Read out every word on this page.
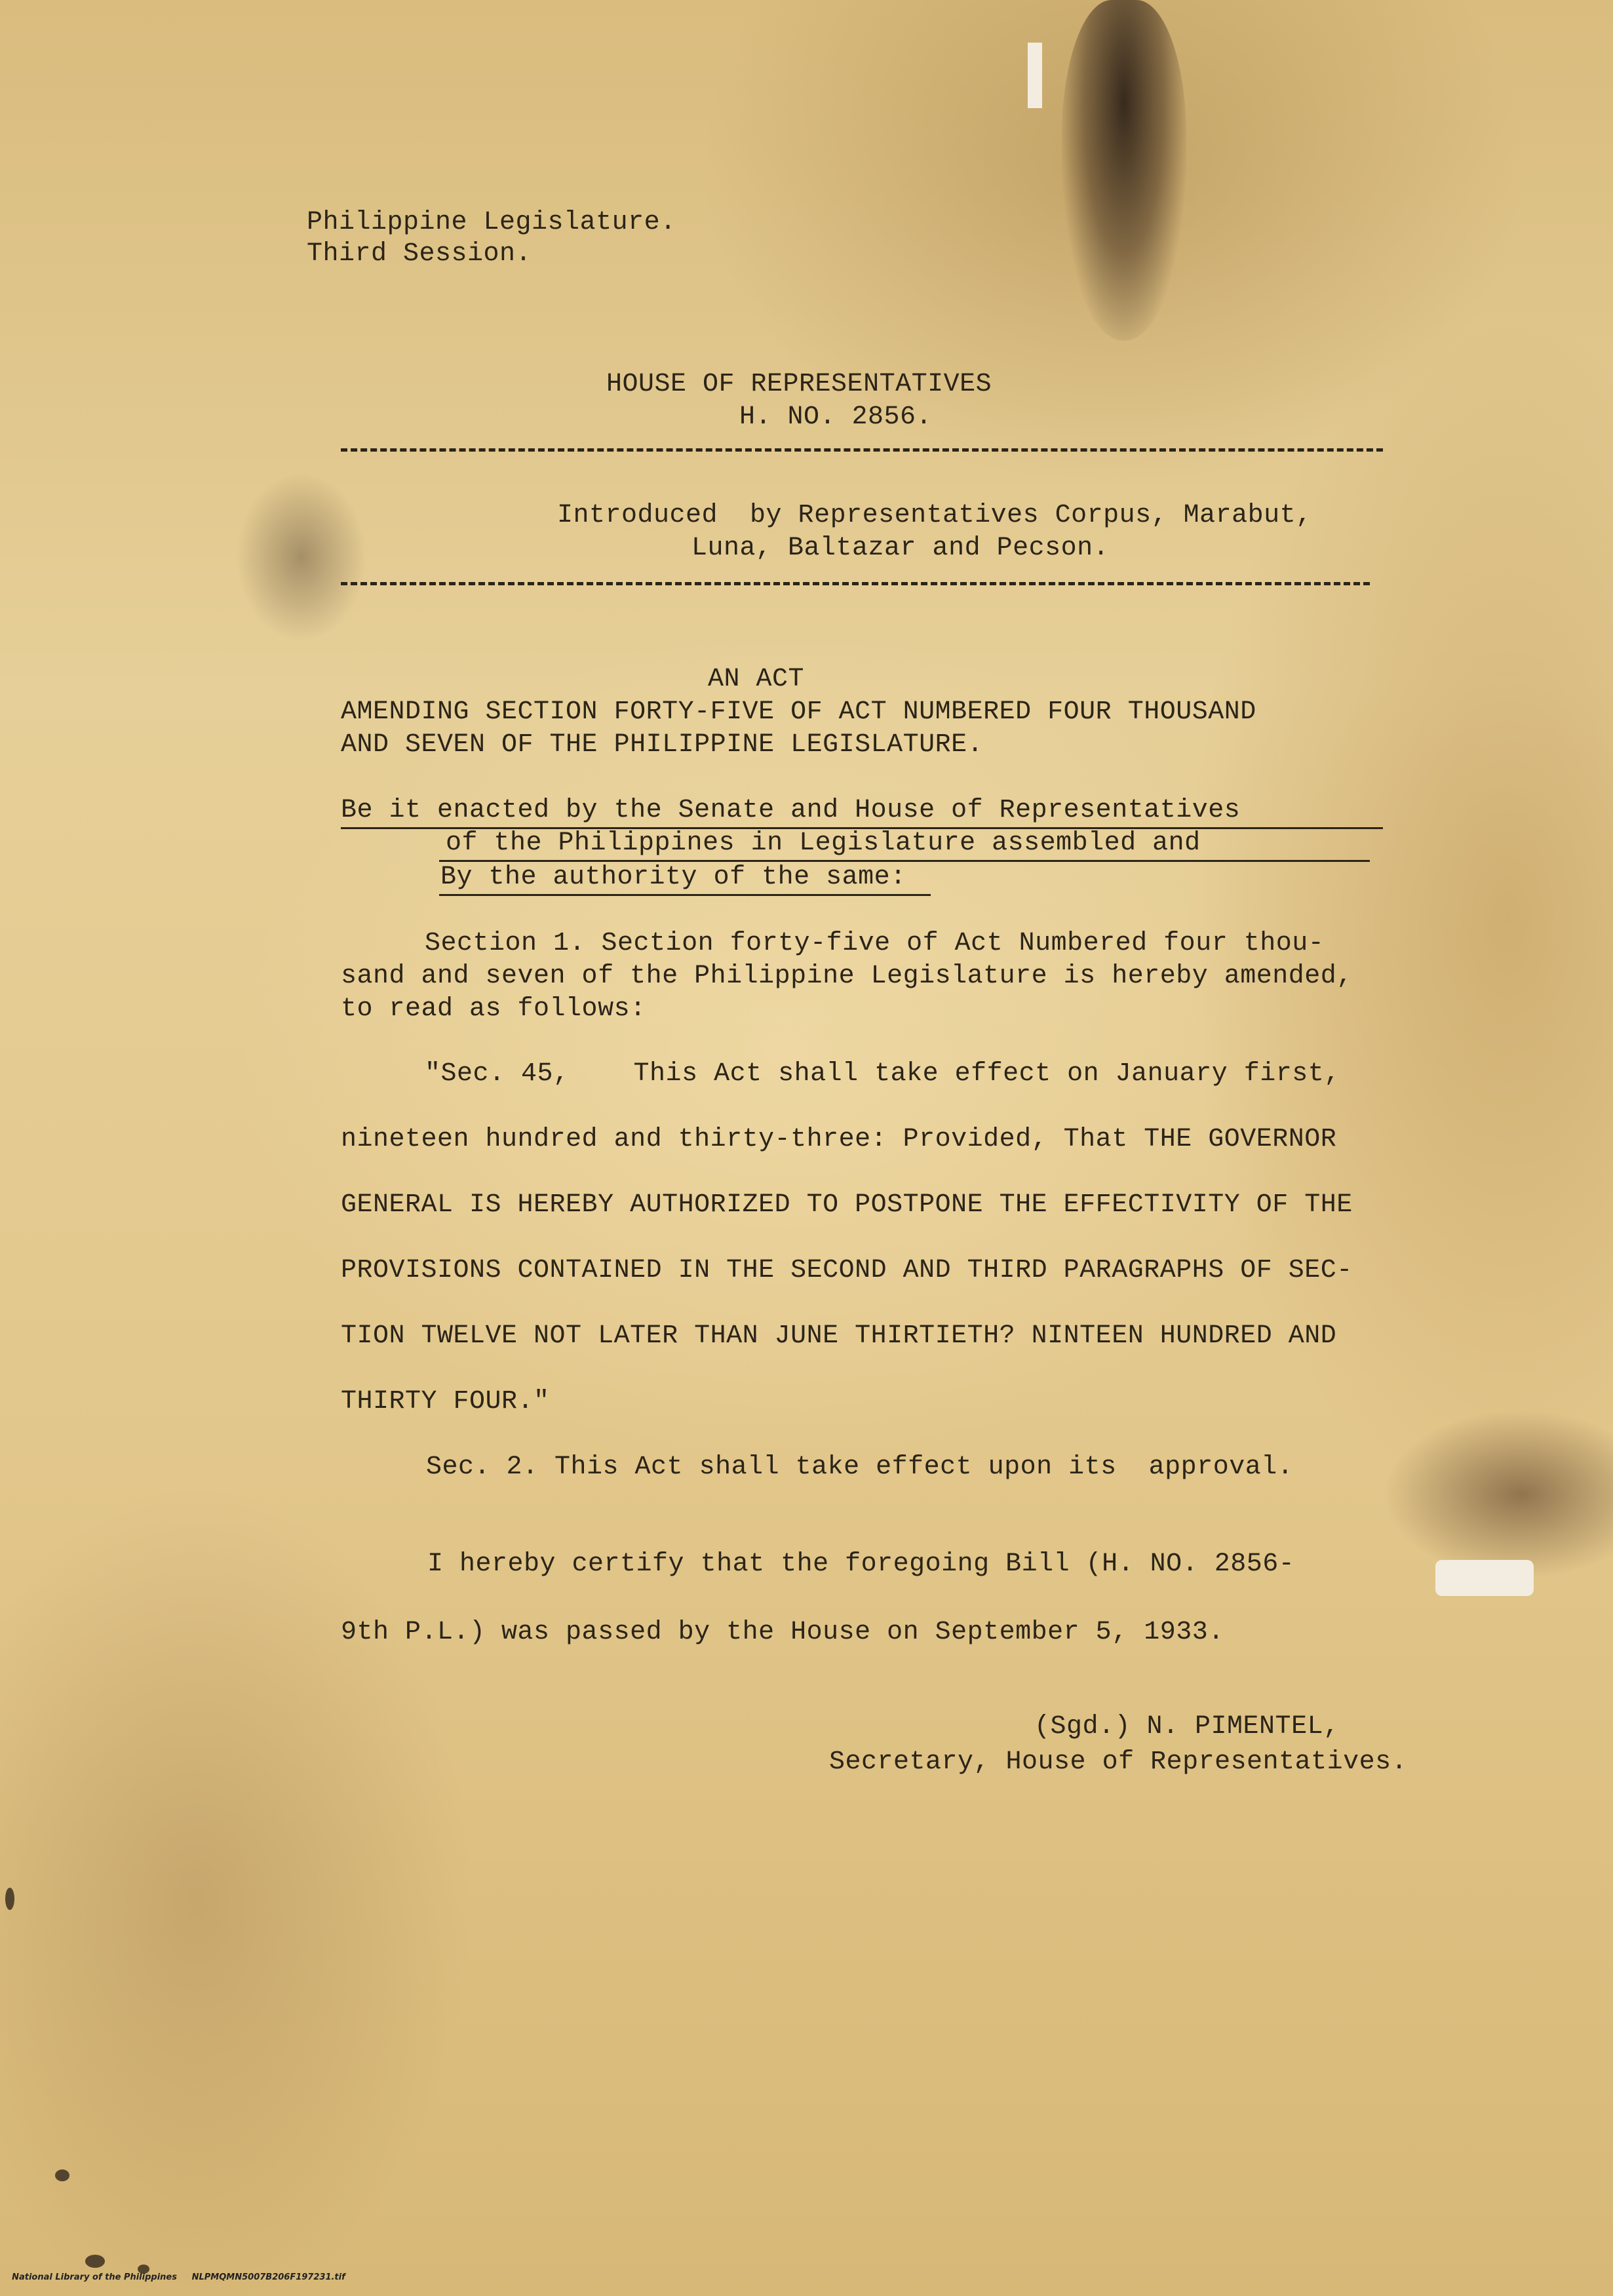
Philippine Legislature.
Third Session.
HOUSE OF REPRESENTATIVES
H. NO. 2856.
Introduced  by Representatives Corpus, Marabut,
Luna, Baltazar and Pecson.
AN ACT
AMENDING SECTION FORTY-FIVE OF ACT NUMBERED FOUR THOUSAND
AND SEVEN OF THE PHILIPPINE LEGISLATURE.
Be it enacted by the Senate and House of Representatives
of the Philippines in Legislature assembled and
By the authority of the same:
Section 1. Section forty-five of Act Numbered four thou-
sand and seven of the Philippine Legislature is hereby amended,
to read as follows:
"Sec. 45,    This Act shall take effect on January first,
nineteen hundred and thirty-three: Provided, That THE GOVERNOR
GENERAL IS HEREBY AUTHORIZED TO POSTPONE THE EFFECTIVITY OF THE
PROVISIONS CONTAINED IN THE SECOND AND THIRD PARAGRAPHS OF SEC-
TION TWELVE NOT LATER THAN JUNE THIRTIETH? NINTEEN HUNDRED AND
THIRTY FOUR."
Sec. 2. This Act shall take effect upon its  approval.
I hereby certify that the foregoing Bill (H. NO. 2856-
9th P.L.) was passed by the House on September 5, 1933.
(Sgd.) N. PIMENTEL,
Secretary, House of Representatives.

National Library of the Philippines NLPMQMN5007B206F197231.tif
